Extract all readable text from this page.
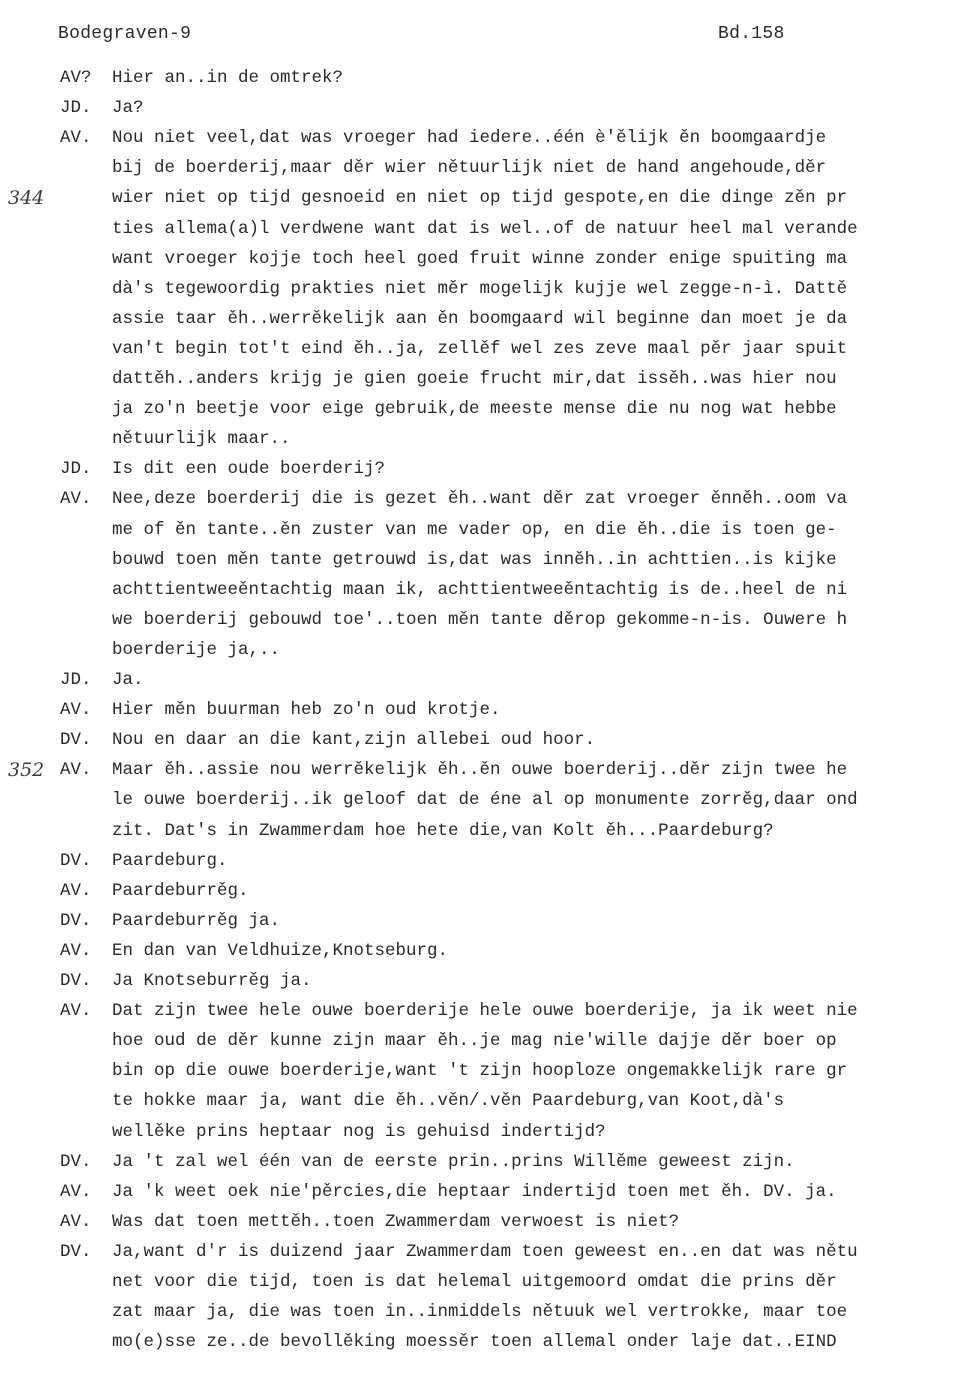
Bodegraven-9	Bd.158
AV?	Hier an..in de omtrek?
JD.	Ja?
AV.	Nou niet veel,dat was vroeger had iedere..één è'ělijk ěn boomgaardje
bij de boerderij,maar děr wier nětuurlijk niet de hand angehoude,děr
344	wier niet op tijd gesnoeid en niet op tijd gespote,en die dinge zěn pr
ties allema(a)l verdwene want dat is wel..of de natuur heel mal verande
want vroeger kojje toch heel goed fruit winne zonder enige spuiting ma
dà's tegewoordig prakties niet měr mogelijk kujje wel zegge-n-ì. Dattě
assie taar ěh..werrěkelijk aan ěn boomgaard wil beginne dan moet je da
van't begin tot't eind ěh..ja, zellěf wel zes zeve maal pěr jaar spuit
dattěh..anders krijg je gien goeie frucht mir,dat issěh..was hier nou
ja zo'n beetje voor eige gebruik,de meeste mense die nu nog wat hebbe
nětuurlijk maar..
JD.	Is dit een oude boerderij?
AV.	Nee,deze boerderij die is gezet ěh..want děr zat vroeger ěnněh..oom va
me of ěn tante..ěn zuster van me vader op, en die ěh..die is toen ge-
bouwd toen měn tante getrouwd is,dat was inněh..in achttien..is kijke
achttientweeěntachtig maan ik, achttientweeěntachtig is de..heel de ni
we boerderij gebouwd toe'..toen měn tante děrop gekomme-n-is. Ouwere h
boerderije ja,..
JD.	Ja.
AV.	Hier měn buurman heb zo'n oud krotje.
DV.	Nou en daar an die kant,zijn allebei oud hoor.
352 AV.	Maar ěh..assie nou werrěkelijk ěh..ěn ouwe boerderij..děr zijn twee he
le ouwe boerderij..ik geloof dat de éne al op monumente zorrěg,daar ond
zit. Dat's in Zwammerdam hoe hete die,van Kolt ěh...Paardeburg?
DV.	Paardeburg.
AV.	Paardeburrěg.
DV.	Paardeburrěg ja.
AV.	En dan van Veldhuize,Knotseburg.
DV.	Ja Knotseburrěg ja.
AV.	Dat zijn twee hele ouwe boerderije hele ouwe boerderije, ja ik weet nie
hoe oud de děr kunne zijn maar ěh..je mag nie'wille dajje děr boer op
bin op die ouwe boerderije,want 't zijn hooploze ongemakkelijk rare gr
te hokke maar ja, want die ěh..věn/.věn Paardeburg,van Koot,dà's
wellěke prins heptaar nog is gehuisd indertijd?
DV.	Ja 't zal wel één van de eerste prin..prins Willěme geweest zijn.
AV.	Ja 'k weet oek nie'pěrcies,die heptaar indertijd toen met ěh. DV. ja.
AV.	Was dat toen mettěh..toen Zwammerdam verwoest is niet?
DV.	Ja,want d'r is duizend jaar Zwammerdam toen geweest en..en dat was nětu
net voor die tijd, toen is dat helemal uitgemoord omdat die prins děr
zat maar ja, die was toen in..inmiddels nětuuk wel vertrokke, maar toe
mo(e)sse ze..de bevollěking moessěr toen allemal onder laje dat..EIND
